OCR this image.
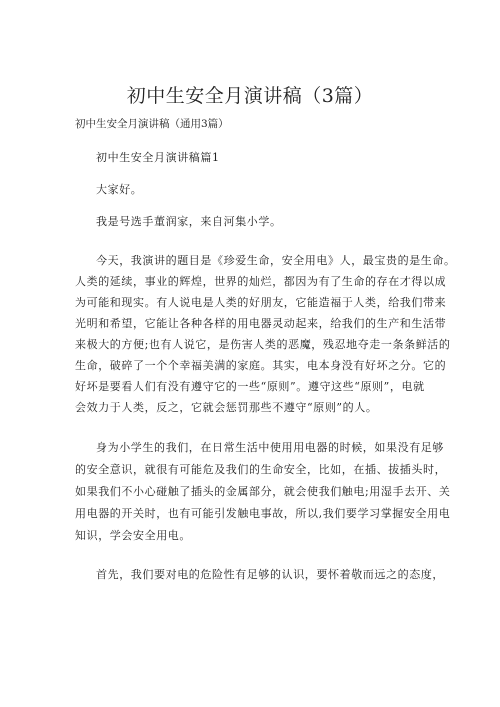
初中生安全月演讲稿（3篇）
初中生安全月演讲稿（通用3篇）
初中生安全月演讲稿篇1
大家好。
我是号选手董润家，来自河集小学。
今天，我演讲的题目是《珍爱生命，安全用电》人，最宝贵的是生命。
人类的延续，事业的辉煌，世界的灿烂，都因为有了生命的存在才得以成
为可能和现实。有人说电是人类的好朋友，它能造福于人类，给我们带来
光明和希望，它能让各种各样的用电器灵动起来，给我们的生产和生活带
来极大的方便;也有人说它，是伤害人类的恶魔，残忍地夺走一条条鲜活的
生命，破碎了一个个幸福美满的家庭。其实，电本身没有好坏之分。它的
好坏是要看人们有没有遵守它的一些“原则”。遵守这些“原则”，电就
会效力于人类，反之，它就会惩罚那些不遵守“原则”的人。
身为小学生的我们，在日常生活中使用用电器的时候，如果没有足够
的安全意识，就很有可能危及我们的生命安全，比如，在插、拔插头时，
如果我们不小心碰触了插头的金属部分，就会使我们触电;用湿手去开、关
用电器的开关时，也有可能引发触电事故，所以,我们要学习掌握安全用电
知识，学会安全用电。
首先，我们要对电的危险性有足够的认识，要怀着敬而远之的态度，
